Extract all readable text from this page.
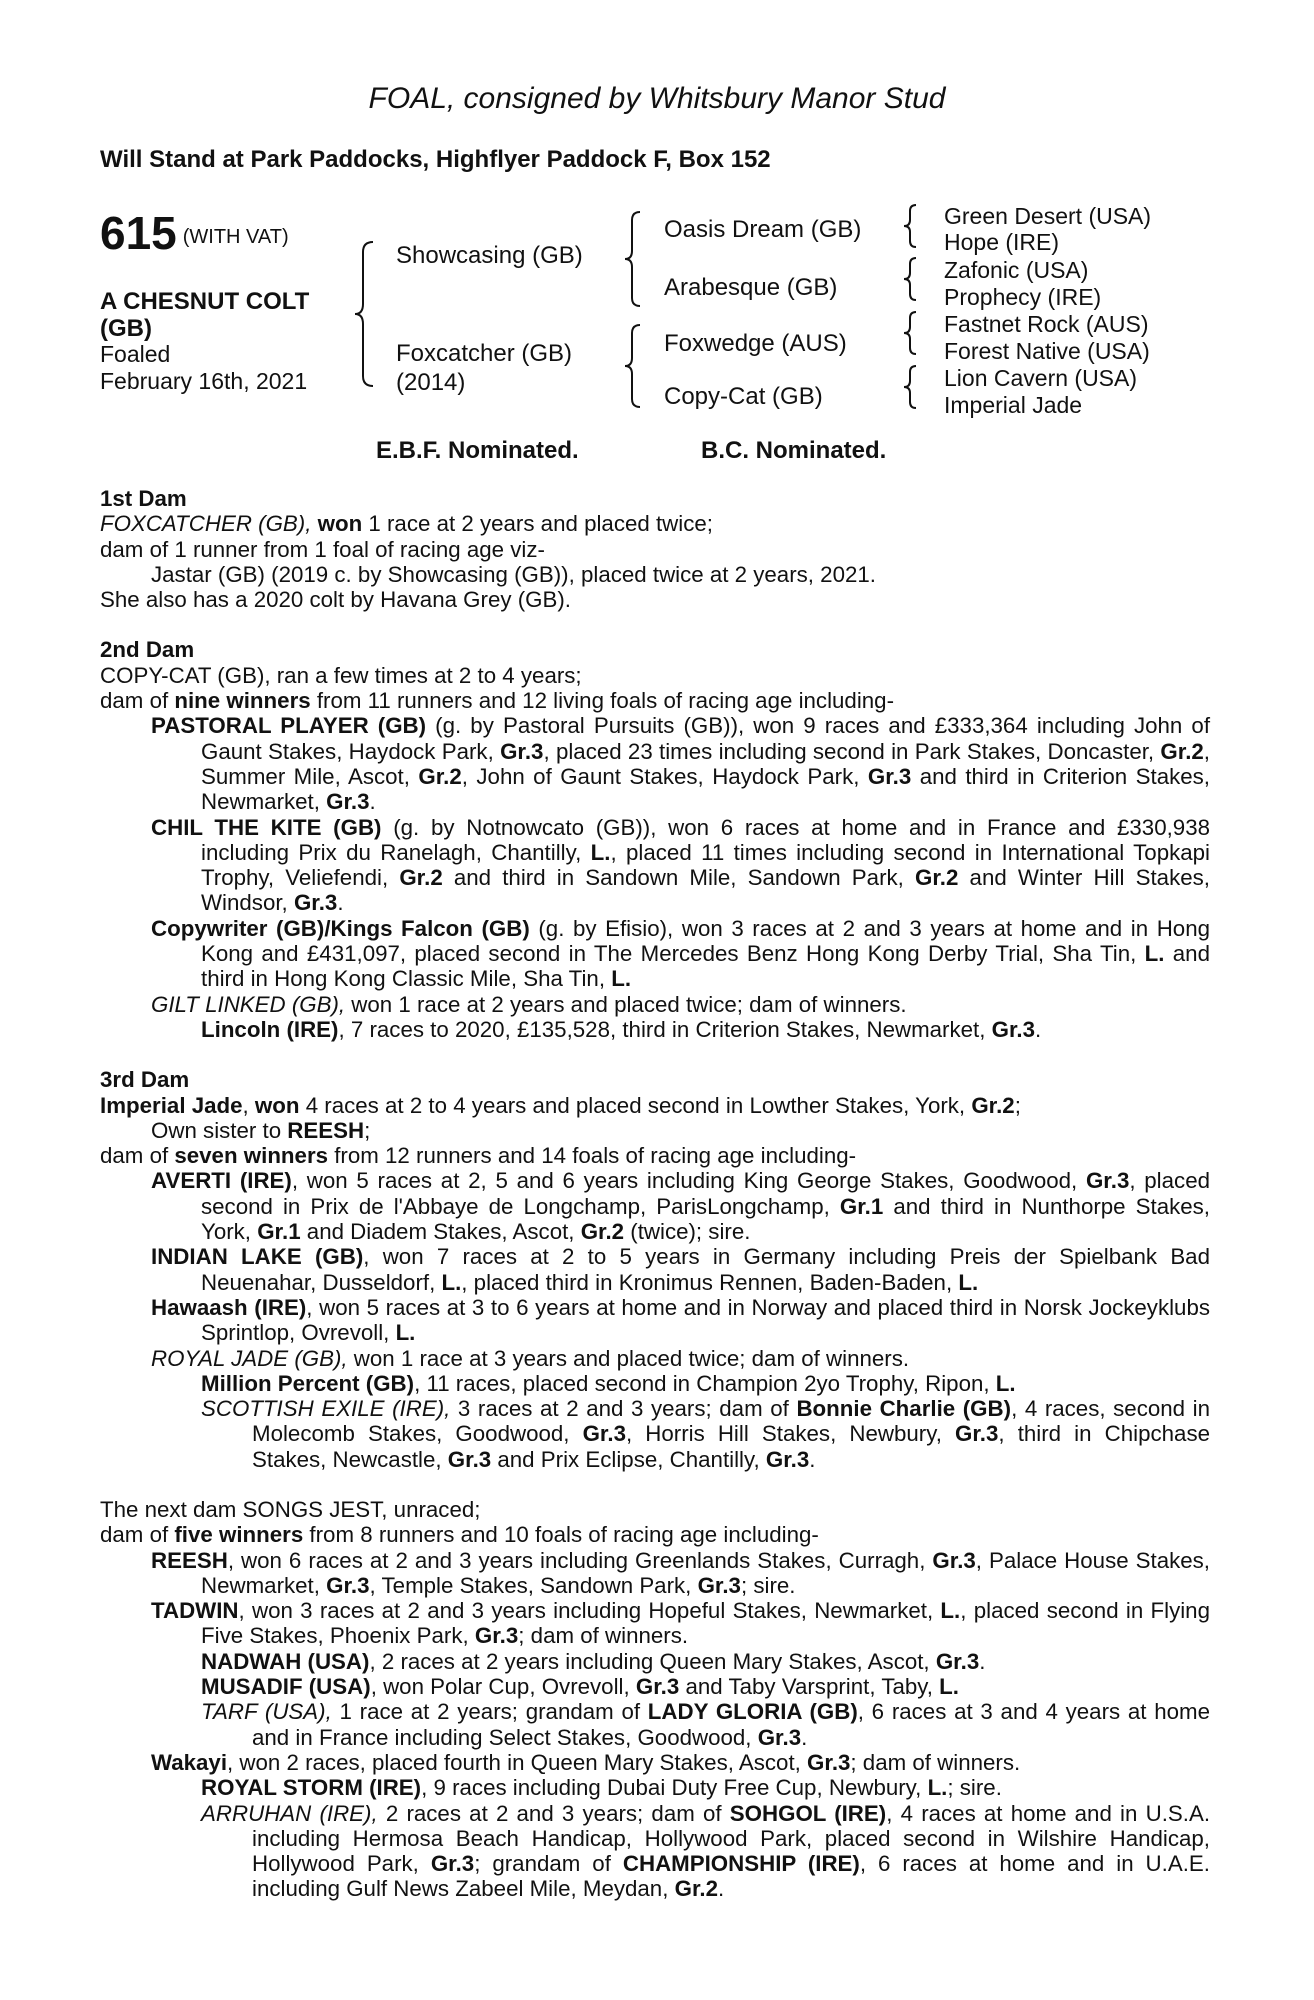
FOAL, consigned by Whitsbury Manor Stud
Will Stand at Park Paddocks, Highflyer Paddock F, Box 152
615 (WITH VAT)
A CHESNUT COLT
(GB)
Foaled
February 16th, 2021
Showcasing (GB)
Foxcatcher (GB)
(2014)
Oasis Dream (GB)
Arabesque (GB)
Foxwedge (AUS)
Copy-Cat (GB)
Green Desert (USA)
Hope (IRE)
Zafonic (USA)
Prophecy (IRE)
Fastnet Rock (AUS)
Forest Native (USA)
Lion Cavern (USA)
Imperial Jade
E.B.F. Nominated.	B.C. Nominated.
1st Dam
FOXCATCHER (GB), won 1 race at 2 years and placed twice;
dam of 1 runner from 1 foal of racing age viz-
Jastar (GB) (2019 c. by Showcasing (GB)), placed twice at 2 years, 2021.
She also has a 2020 colt by Havana Grey (GB).
2nd Dam
COPY-CAT (GB), ran a few times at 2 to 4 years;
dam of nine winners from 11 runners and 12 living foals of racing age including-
PASTORAL PLAYER (GB) (g. by Pastoral Pursuits (GB)), won 9 races and £333,364 including John of Gaunt Stakes, Haydock Park, Gr.3, placed 23 times including second in Park Stakes, Doncaster, Gr.2, Summer Mile, Ascot, Gr.2, John of Gaunt Stakes, Haydock Park, Gr.3 and third in Criterion Stakes, Newmarket, Gr.3.
CHIL THE KITE (GB) (g. by Notnowcato (GB)), won 6 races at home and in France and £330,938 including Prix du Ranelagh, Chantilly, L., placed 11 times including second in International Topkapi Trophy, Veliefendi, Gr.2 and third in Sandown Mile, Sandown Park, Gr.2 and Winter Hill Stakes, Windsor, Gr.3.
Copywriter (GB)/Kings Falcon (GB) (g. by Efisio), won 3 races at 2 and 3 years at home and in Hong Kong and £431,097, placed second in The Mercedes Benz Hong Kong Derby Trial, Sha Tin, L. and third in Hong Kong Classic Mile, Sha Tin, L.
GILT LINKED (GB), won 1 race at 2 years and placed twice; dam of winners.
Lincoln (IRE), 7 races to 2020, £135,528, third in Criterion Stakes, Newmarket, Gr.3.
3rd Dam
Imperial Jade, won 4 races at 2 to 4 years and placed second in Lowther Stakes, York, Gr.2;
Own sister to REESH;
dam of seven winners from 12 runners and 14 foals of racing age including-
AVERTI (IRE), won 5 races at 2, 5 and 6 years including King George Stakes, Goodwood, Gr.3, placed second in Prix de l'Abbaye de Longchamp, ParisLongchamp, Gr.1 and third in Nunthorpe Stakes, York, Gr.1 and Diadem Stakes, Ascot, Gr.2 (twice); sire.
INDIAN LAKE (GB), won 7 races at 2 to 5 years in Germany including Preis der Spielbank Bad Neuenahar, Dusseldorf, L., placed third in Kronimus Rennen, Baden-Baden, L.
Hawaash (IRE), won 5 races at 3 to 6 years at home and in Norway and placed third in Norsk Jockeyklubs Sprintlop, Ovrevoll, L.
ROYAL JADE (GB), won 1 race at 3 years and placed twice; dam of winners.
Million Percent (GB), 11 races, placed second in Champion 2yo Trophy, Ripon, L.
SCOTTISH EXILE (IRE), 3 races at 2 and 3 years; dam of Bonnie Charlie (GB), 4 races, second in Molecomb Stakes, Goodwood, Gr.3, Horris Hill Stakes, Newbury, Gr.3, third in Chipchase Stakes, Newcastle, Gr.3 and Prix Eclipse, Chantilly, Gr.3.
The next dam SONGS JEST, unraced;
dam of five winners from 8 runners and 10 foals of racing age including-
REESH, won 6 races at 2 and 3 years including Greenlands Stakes, Curragh, Gr.3, Palace House Stakes, Newmarket, Gr.3, Temple Stakes, Sandown Park, Gr.3; sire.
TADWIN, won 3 races at 2 and 3 years including Hopeful Stakes, Newmarket, L., placed second in Flying Five Stakes, Phoenix Park, Gr.3; dam of winners.
NADWAH (USA), 2 races at 2 years including Queen Mary Stakes, Ascot, Gr.3.
MUSADIF (USA), won Polar Cup, Ovrevoll, Gr.3 and Taby Varsprint, Taby, L.
TARF (USA), 1 race at 2 years; grandam of LADY GLORIA (GB), 6 races at 3 and 4 years at home and in France including Select Stakes, Goodwood, Gr.3.
Wakayi, won 2 races, placed fourth in Queen Mary Stakes, Ascot, Gr.3; dam of winners.
ROYAL STORM (IRE), 9 races including Dubai Duty Free Cup, Newbury, L.; sire.
ARRUHAN (IRE), 2 races at 2 and 3 years; dam of SOHGOL (IRE), 4 races at home and in U.S.A. including Hermosa Beach Handicap, Hollywood Park, placed second in Wilshire Handicap, Hollywood Park, Gr.3; grandam of CHAMPIONSHIP (IRE), 6 races at home and in U.A.E. including Gulf News Zabeel Mile, Meydan, Gr.2.
